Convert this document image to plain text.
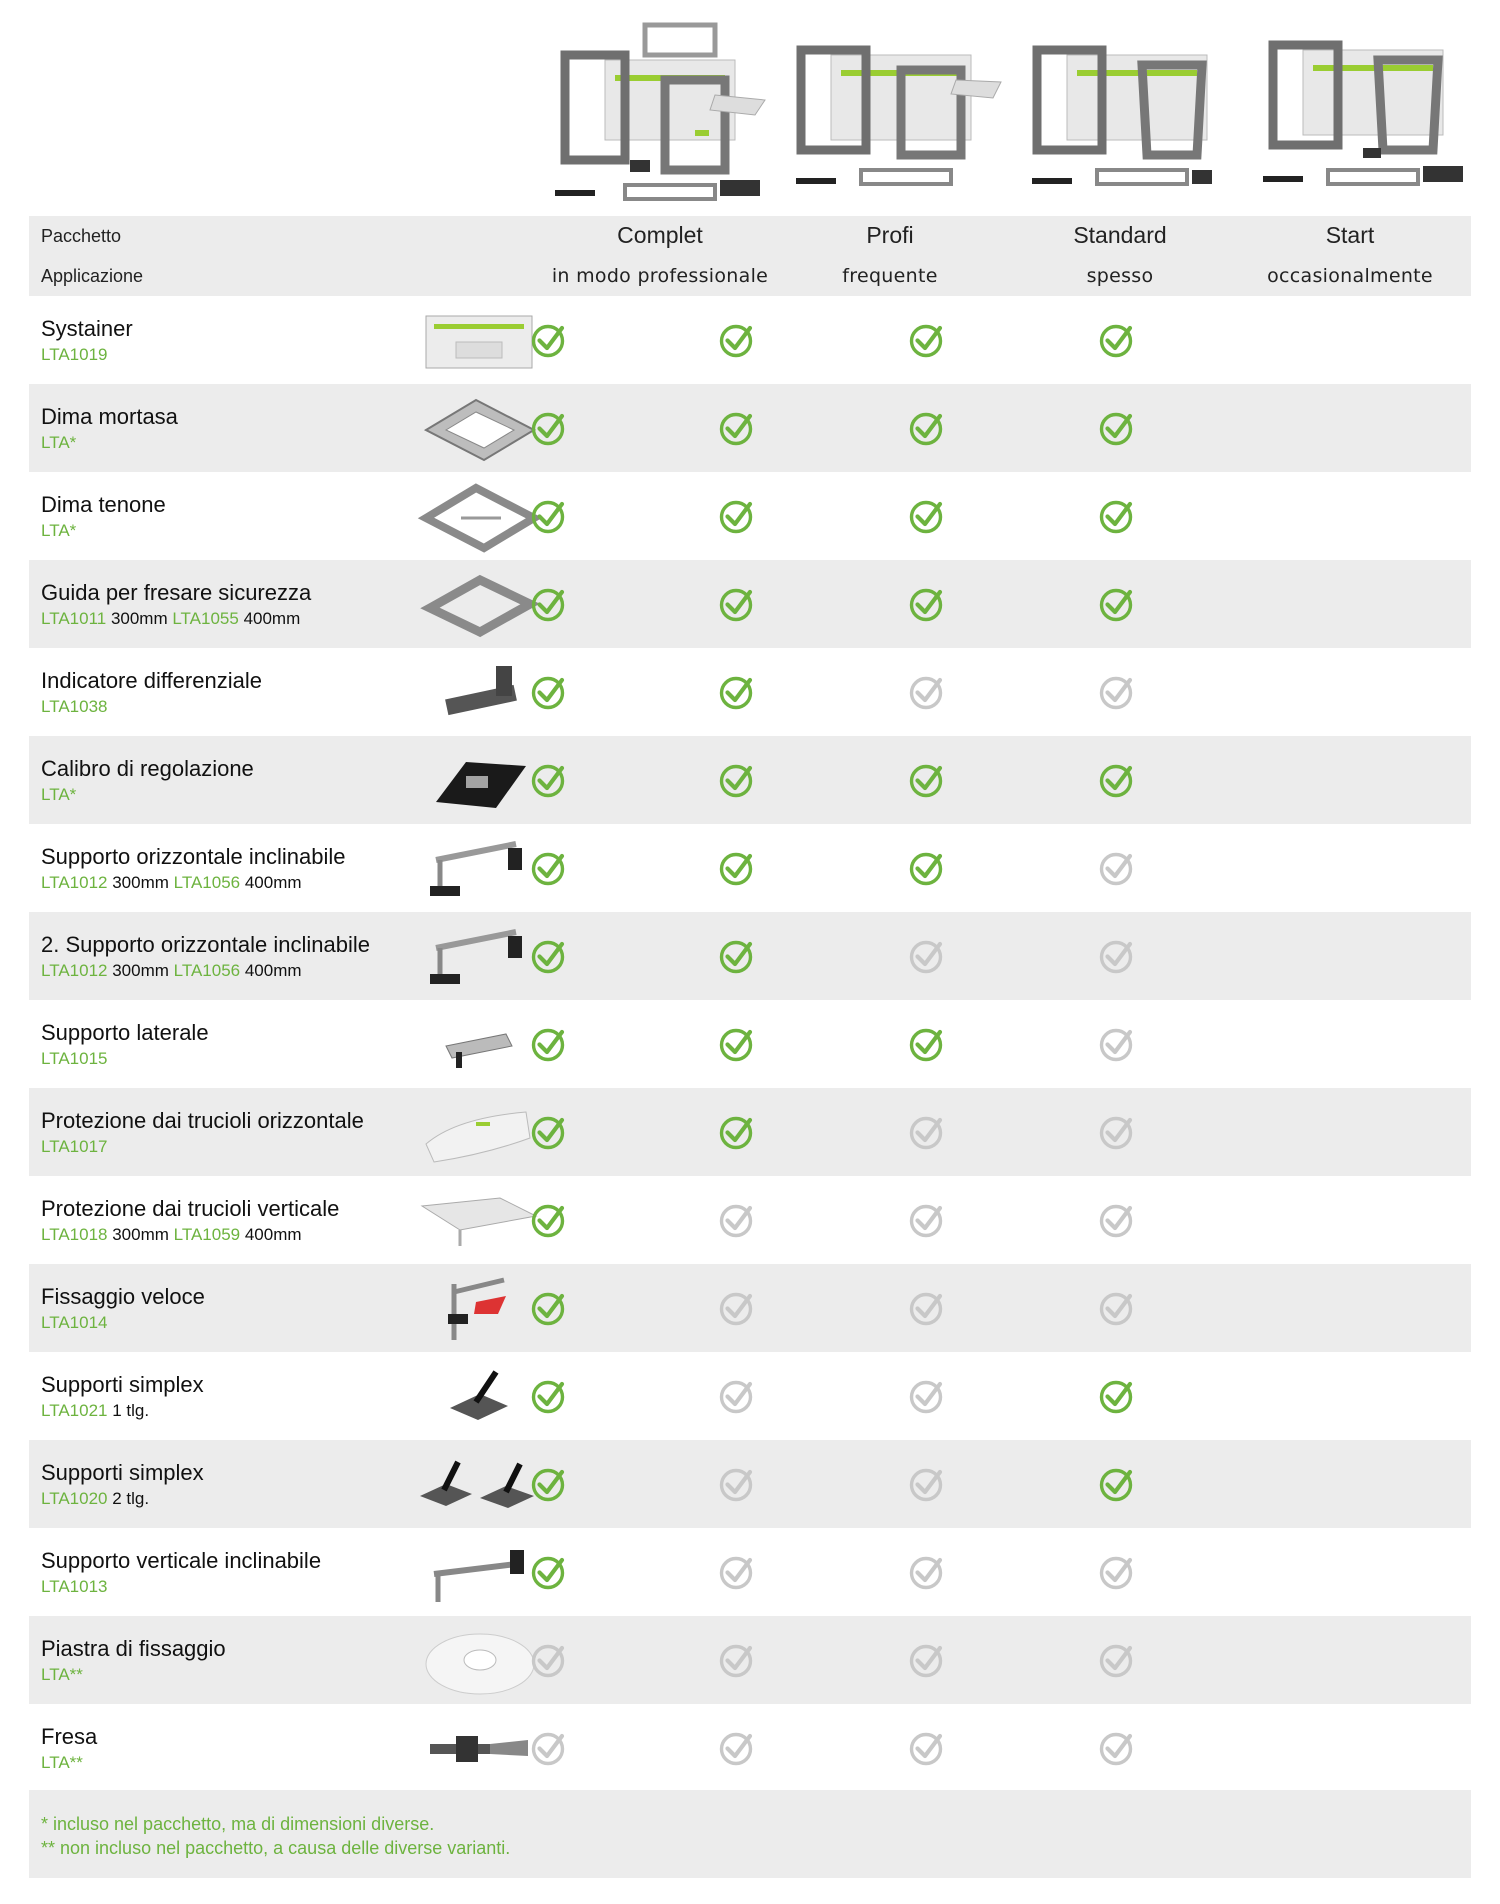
Pacchetto
Applicazione
Complet
in modo professionale
Profi
frequente
Standard
spesso
Start
occasionalmente
Systainer
LTA1019
Dima mortasa
LTA*
Dima tenone
LTA*
Guida per fresare sicurezza
LTA1011 300mm LTA1055 400mm
Indicatore differenziale
LTA1038
Calibro di regolazione
LTA*
Supporto orizzontale inclinabile
LTA1012 300mm LTA1056 400mm
2. Supporto orizzontale inclinabile
LTA1012 300mm LTA1056 400mm
Supporto laterale
LTA1015
Protezione dai trucioli orizzontale
LTA1017
Protezione dai trucioli verticale
LTA1018 300mm LTA1059 400mm
Fissaggio veloce
LTA1014
Supporti simplex
LTA1021 1 tlg.
Supporti simplex
LTA1020 2 tlg.
Supporto verticale inclinabile
LTA1013
Piastra di fissaggio
LTA**
Fresa
LTA**
* incluso nel pacchetto, ma di dimensioni diverse.
** non incluso nel pacchetto, a causa delle diverse varianti.
